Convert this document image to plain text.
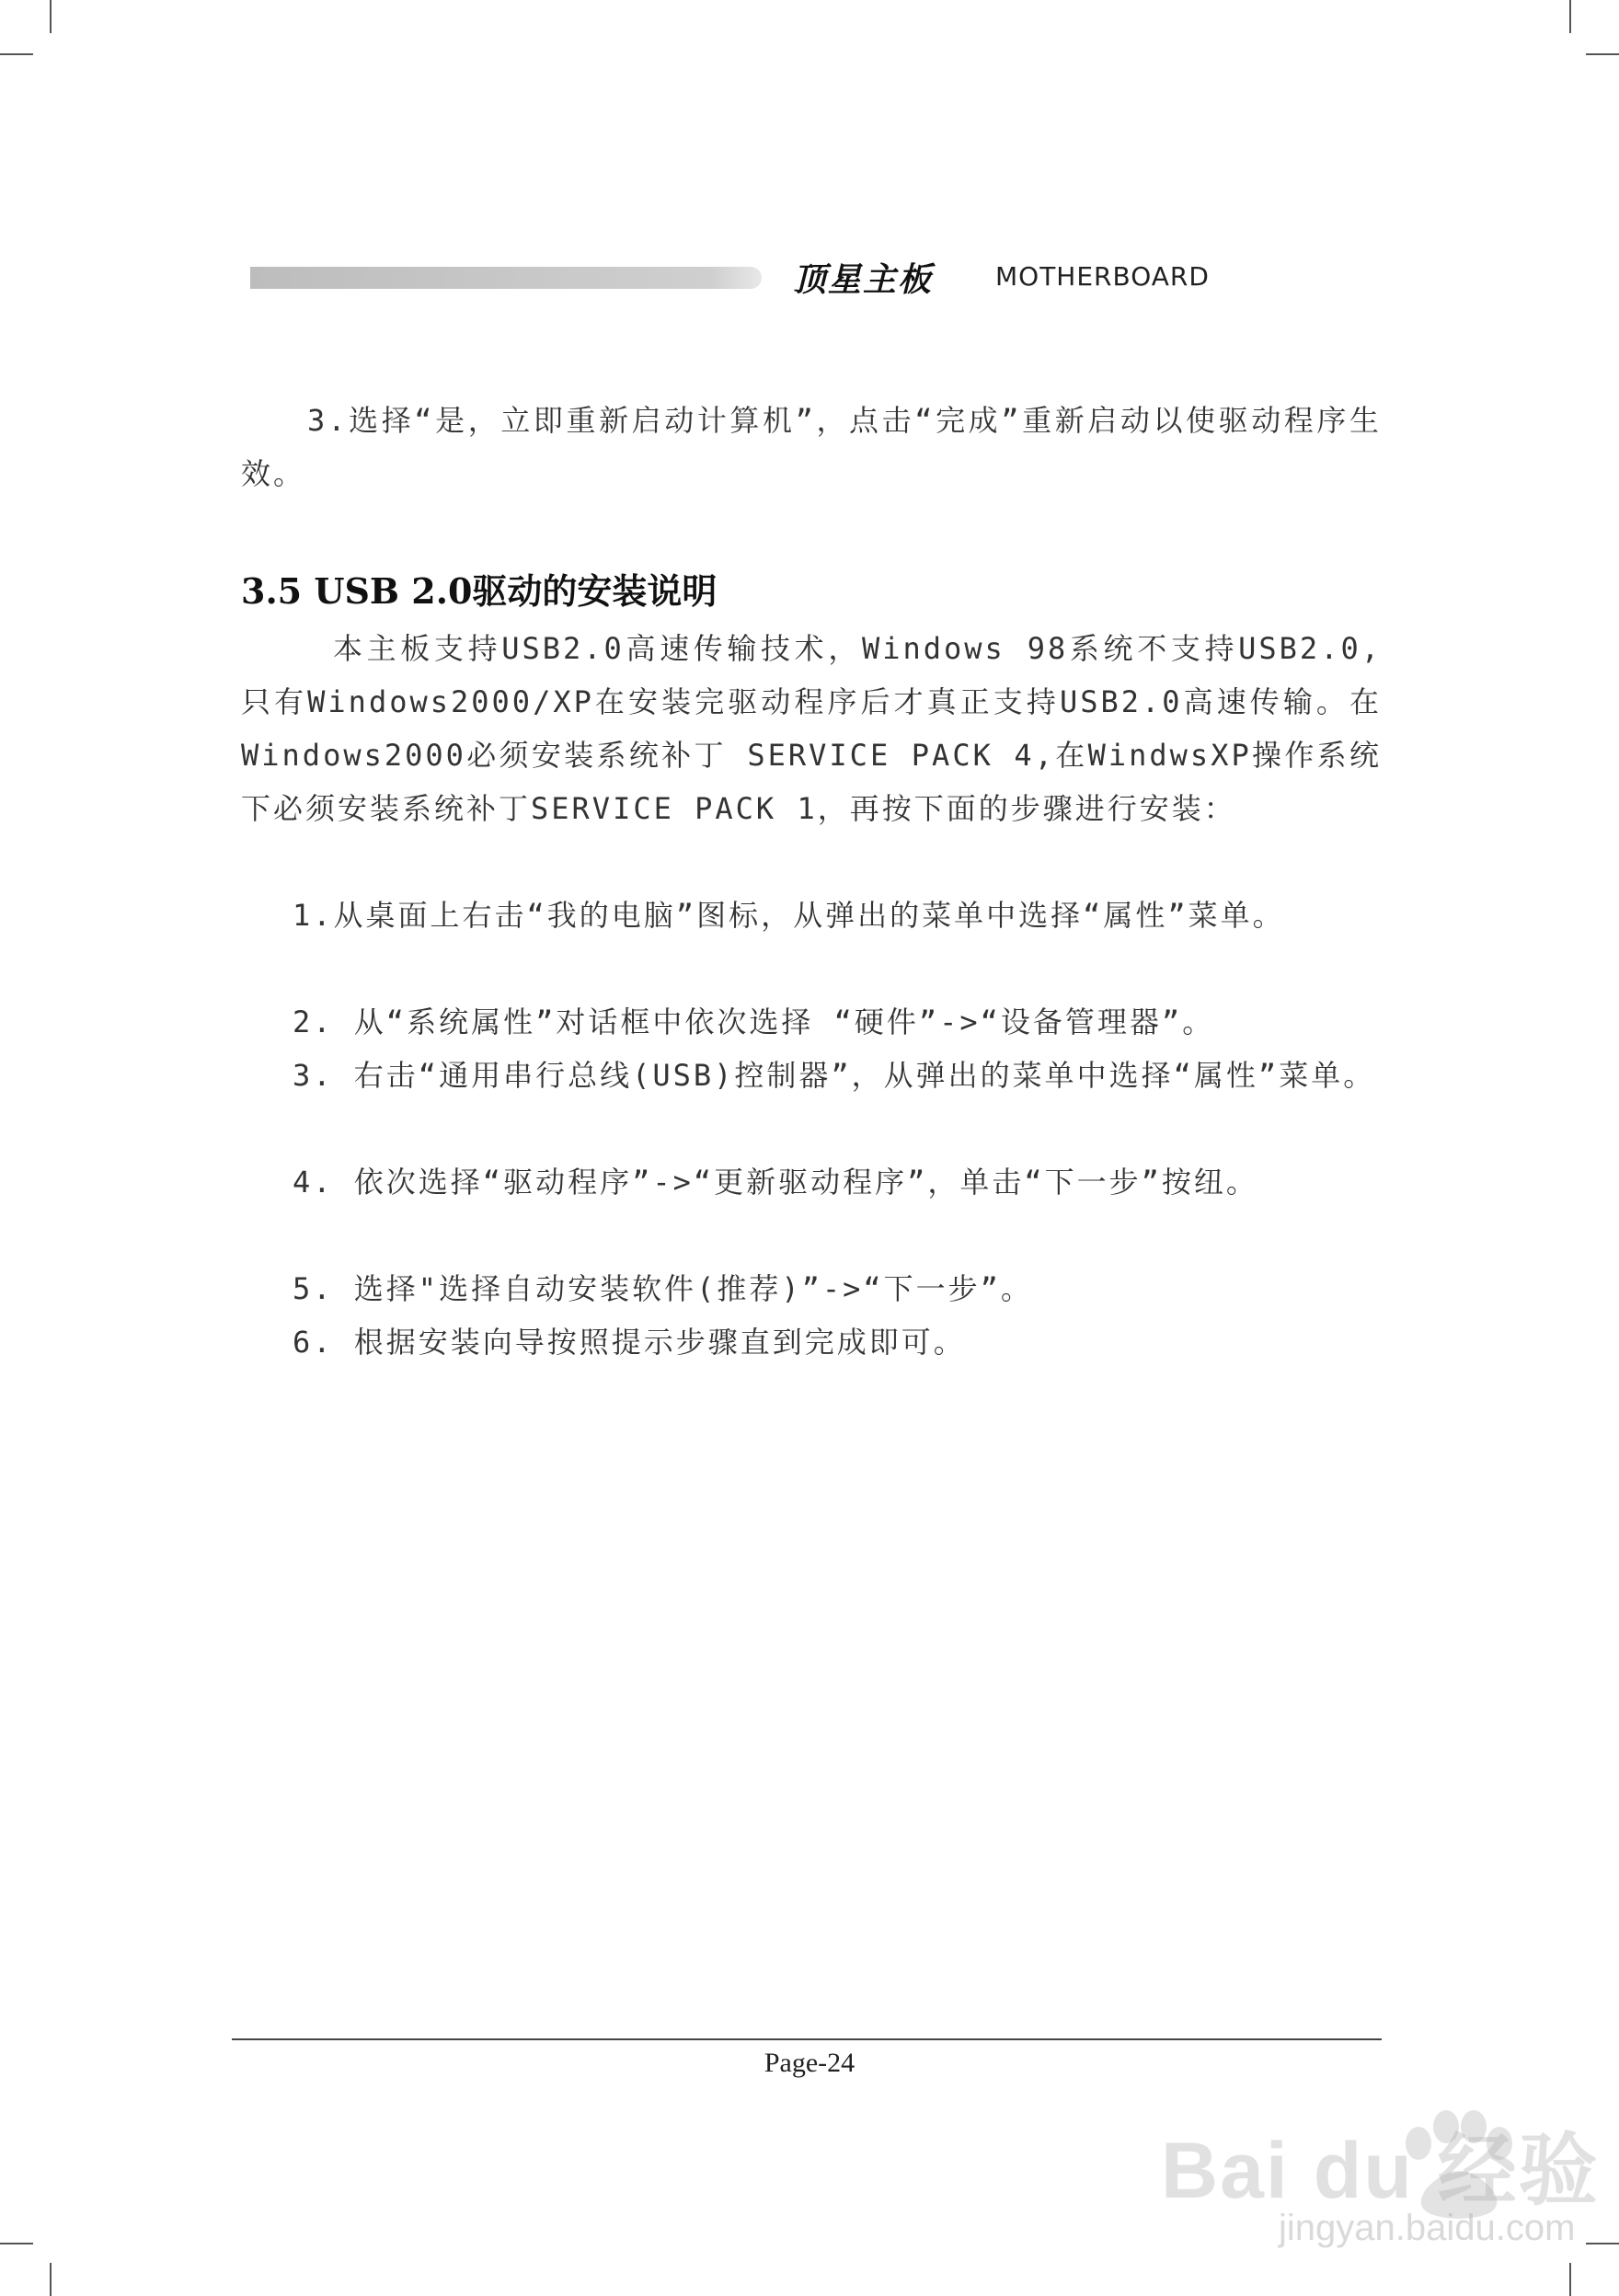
顶星主板 MOTHERBOARD
3.选择“是，立即重新启动计算机”，点击“完成”重新启动以使驱动程序生效。
3.5 USB 2.0驱动的安装说明
本主板支持USB2.0高速传输技术，Windows 98系统不支持USB2.0,只有Windows2000/XP在安装完驱动程序后才真正支持USB2.0高速传输。在Windows2000必须安装系统补丁 SERVICE PACK 4,在WindwsXP操作系统下必须安装系统补丁SERVICE PACK 1，再按下面的步骤进行安装：
1.从桌面上右击“我的电脑”图标，从弹出的菜单中选择“属性”菜单。
2. 从“系统属性”对话框中依次选择 “硬件”->“设备管理器”。
3. 右击“通用串行总线(USB)控制器”，从弹出的菜单中选择“属性”菜单。
4. 依次选择“驱动程序”->“更新驱动程序”，单击“下一步”按纽。
5. 选择"选择自动安装软件(推荐)”->“下一步”。
6. 根据安装向导按照提示步骤直到完成即可。
Page-24
Bai du 经验
jingyan.baidu.com
